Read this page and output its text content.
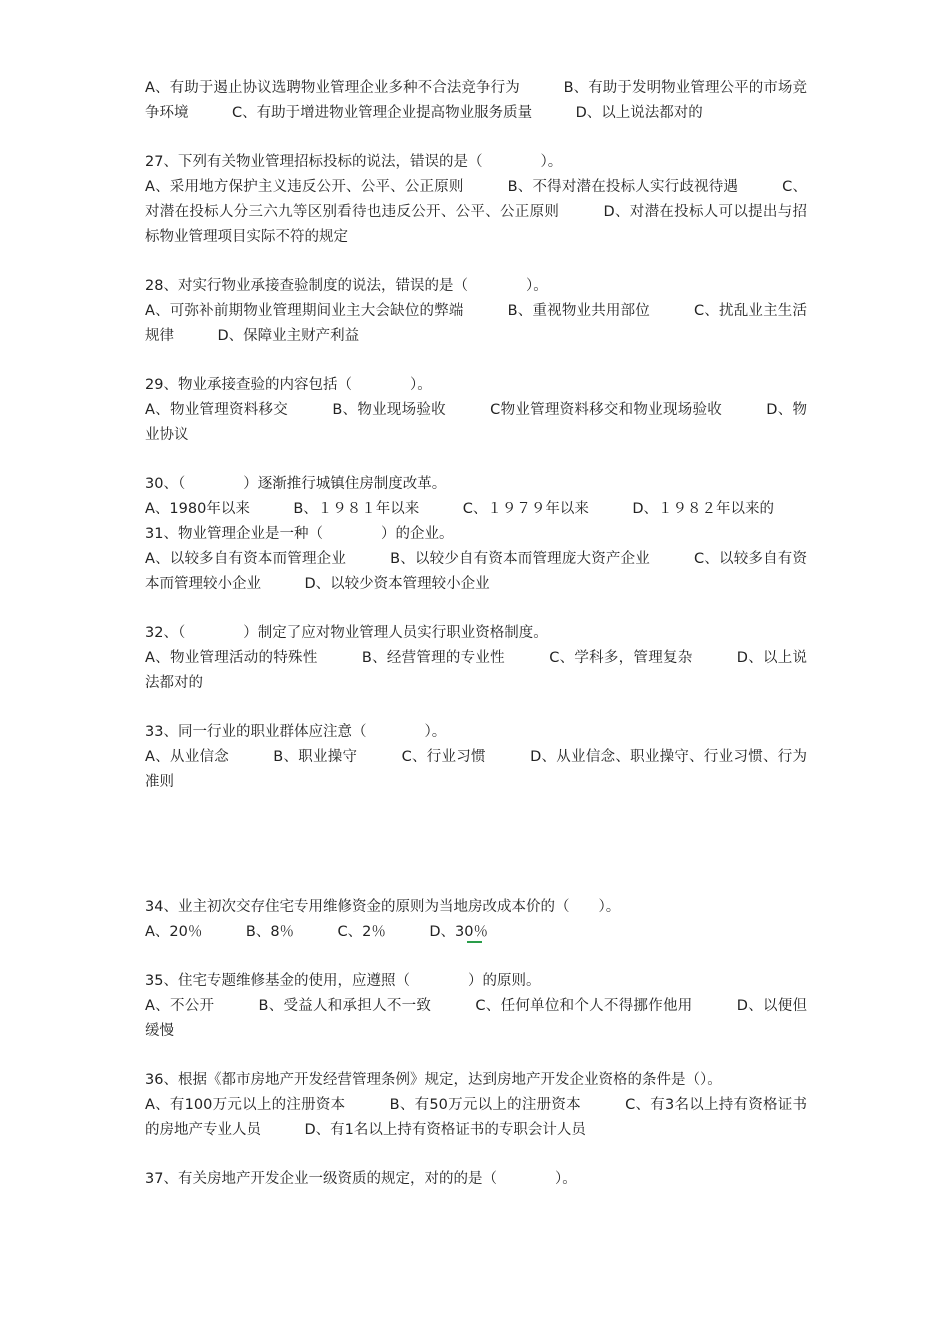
A、有助于遏止协议选聘物业管理企业多种不合法竞争行为　　　B、有助于发明物业管理公平的市场竞争环境　　　C、有助于增进物业管理企业提高物业服务质量　　　D、以上说法都对的

27、下列有关物业管理招标投标的说法，错误的是（　　　　）。

A、采用地方保护主义违反公开、公平、公正原则　　　B、不得对潜在投标人实行歧视待遇　　　C、对潜在投标人分三六九等区别看待也违反公开、公平、公正原则　　　D、对潜在投标人可以提出与招标物业管理项目实际不符的规定

28、对实行物业承接查验制度的说法，错误的是（　　　　）。

A、可弥补前期物业管理期间业主大会缺位的弊端　　　B、重视物业共用部位　　　C、扰乱业主生活规律　　　D、保障业主财产利益

29、物业承接查验的内容包括（　　　　）。

A、物业管理资料移交　　　B、物业现场验收　　　C物业管理资料移交和物业现场验收　　　D、物业协议

30、（　　　　）逐渐推行城镇住房制度改革。

A、1980年以来　　　B、１９８１年以来　　　C、１９７９年以来　　　D、１９８２年以来的

31、物业管理企业是一种（　　　　）的企业。

A、以较多自有资本而管理企业　　　B、以较少自有资本而管理庞大资产企业　　　C、以较多自有资本而管理较小企业　　　D、以较少资本管理较小企业

32、（　　　　）制定了应对物业管理人员实行职业资格制度。

A、物业管理活动的特殊性　　　B、经营管理的专业性　　　C、学科多，管理复杂　　　D、以上说法都对的

33、同一行业的职业群体应注意（　　　　）。

A、从业信念　　　B、职业操守　　　C、行业习惯　　　D、从业信念、职业操守、行业习惯、行为准则

34、业主初次交存住宅专用维修资金的原则为当地房改成本价的（　　）。

A、20％　　　B、8％　　　C、2％　　　D、30％

35、住宅专题维修基金的使用，应遵照（　　　　）的原则。

A、不公开　　　B、受益人和承担人不一致　　　C、任何单位和个人不得挪作他用　　　D、以便但缓慢

36、根据《都市房地产开发经营管理条例》规定，达到房地产开发企业资格的条件是（）。

A、有100万元以上的注册资本　　　B、有50万元以上的注册资本　　　C、有3名以上持有资格证书的房地产专业人员　　　D、有1名以上持有资格证书的专职会计人员

37、有关房地产开发企业一级资质的规定，对的的是（　　　　）。
